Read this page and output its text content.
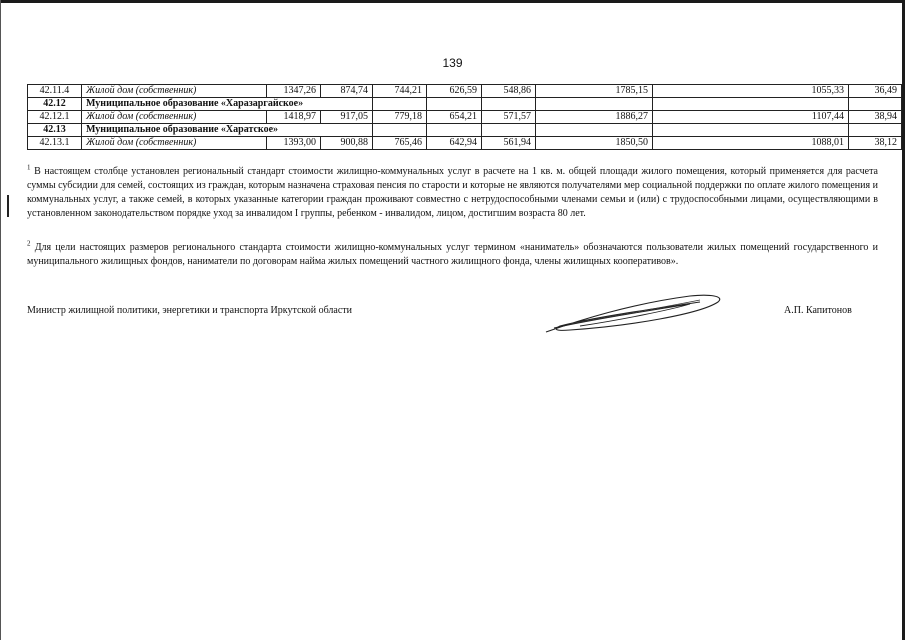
139
42.11.4	Жилой дом (собственник)	1347,26	874,74	744,21	626,59	548,86	1785,15	1055,33	36,49
42.12	Муниципальное образование «Харазаргайское»								
42.12.1	Жилой дом (собственник)	1418,97	917,05	779,18	654,21	571,57	1886,27	1107,44	38,94
42.13	Муниципальное образование «Харатское»								
42.13.1	Жилой дом (собственник)	1393,00	900,88	765,46	642,94	561,94	1850,50	1088,01	38,12
$^1$ В настоящем столбце установлен региональный стандарт стоимости жилищно-коммунальных услуг в расчете на 1 кв. м. общей площади жилого помещения, который применяется для расчета суммы субсидии для семей, состоящих из граждан, которым назначена страховая пенсия по старости и которые не являются получателями мер социальной поддержки по оплате жилого помещения и коммунальных услуг, а также семей, в которых указанные категории граждан проживают совместно с нетрудоспособными членами семьи и (или) с трудоспособными лицами, осуществляющими в установленном законодательством порядке уход за инвалидом I группы, ребенком - инвалидом, лицом, достигшим возраста 80 лет.
$^2$ Для цели настоящих размеров регионального стандарта стоимости жилищно-коммунальных услуг термином «наниматель» обозначаются пользователи жилых помещений государственного и муниципального жилищных фондов, наниматели по договорам найма жилых помещений частного жилищного фонда, члены жилищных кооперативов».
Министр жилищной политики, энергетики и транспорта Иркутской области	А.П. Капитонов
